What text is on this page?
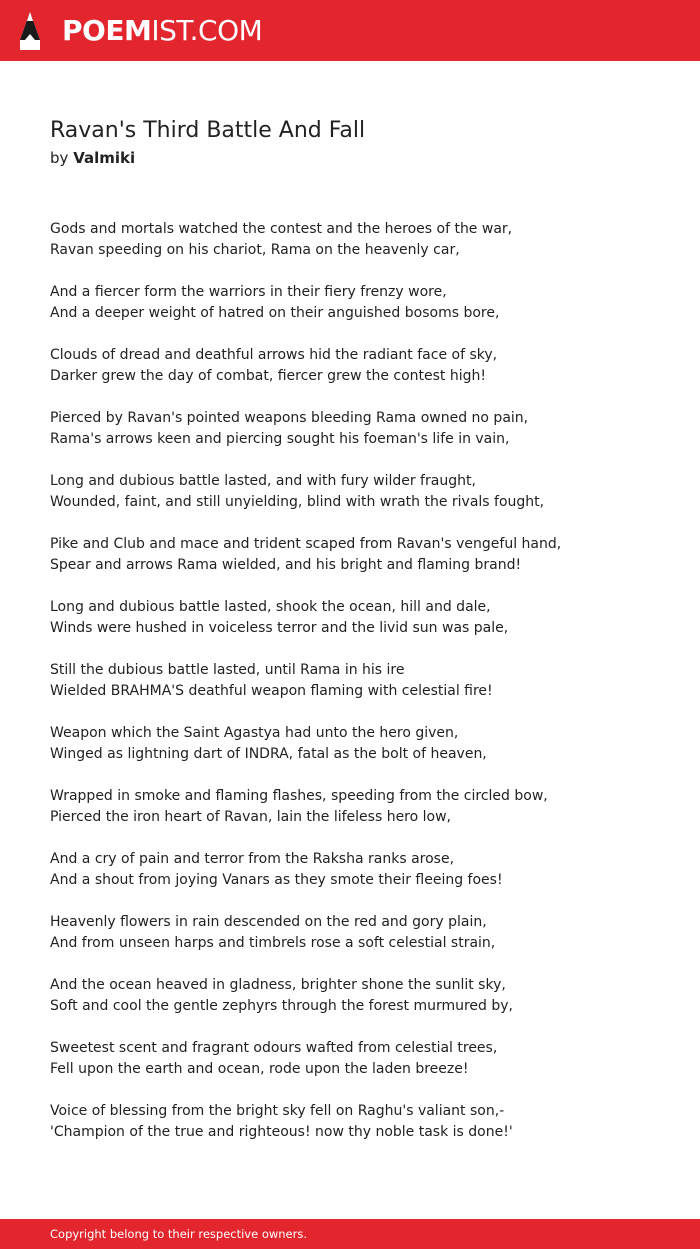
POEMIST.COM
Ravan's Third Battle And Fall
by Valmiki
Gods and mortals watched the contest and the heroes of the war,
Ravan speeding on his chariot, Rama on the heavenly car,
And a fiercer form the warriors in their fiery frenzy wore,
And a deeper weight of hatred on their anguished bosoms bore,
Clouds of dread and deathful arrows hid the radiant face of sky,
Darker grew the day of combat, fiercer grew the contest high!
Pierced by Ravan's pointed weapons bleeding Rama owned no pain,
Rama's arrows keen and piercing sought his foeman's life in vain,
Long and dubious battle lasted, and with fury wilder fraught,
Wounded, faint, and still unyielding, blind with wrath the rivals fought,
Pike and Club and mace and trident scaped from Ravan's vengeful hand,
Spear and arrows Rama wielded, and his bright and flaming brand!
Long and dubious battle lasted, shook the ocean, hill and dale,
Winds were hushed in voiceless terror and the livid sun was pale,
Still the dubious battle lasted, until Rama in his ire
Wielded BRAHMA'S deathful weapon flaming with celestial fire!
Weapon which the Saint Agastya had unto the hero given,
Winged as lightning dart of INDRA, fatal as the bolt of heaven,
Wrapped in smoke and flaming flashes, speeding from the circled bow,
Pierced the iron heart of Ravan, lain the lifeless hero low,
And a cry of pain and terror from the Raksha ranks arose,
And a shout from joying Vanars as they smote their fleeing foes!
Heavenly flowers in rain descended on the red and gory plain,
And from unseen harps and timbrels rose a soft celestial strain,
And the ocean heaved in gladness, brighter shone the sunlit sky,
Soft and cool the gentle zephyrs through the forest murmured by,
Sweetest scent and fragrant odours wafted from celestial trees,
Fell upon the earth and ocean, rode upon the laden breeze!
Voice of blessing from the bright sky fell on Raghu's valiant son,-
'Champion of the true and righteous! now thy noble task is done!'
Copyright belong to their respective owners.
